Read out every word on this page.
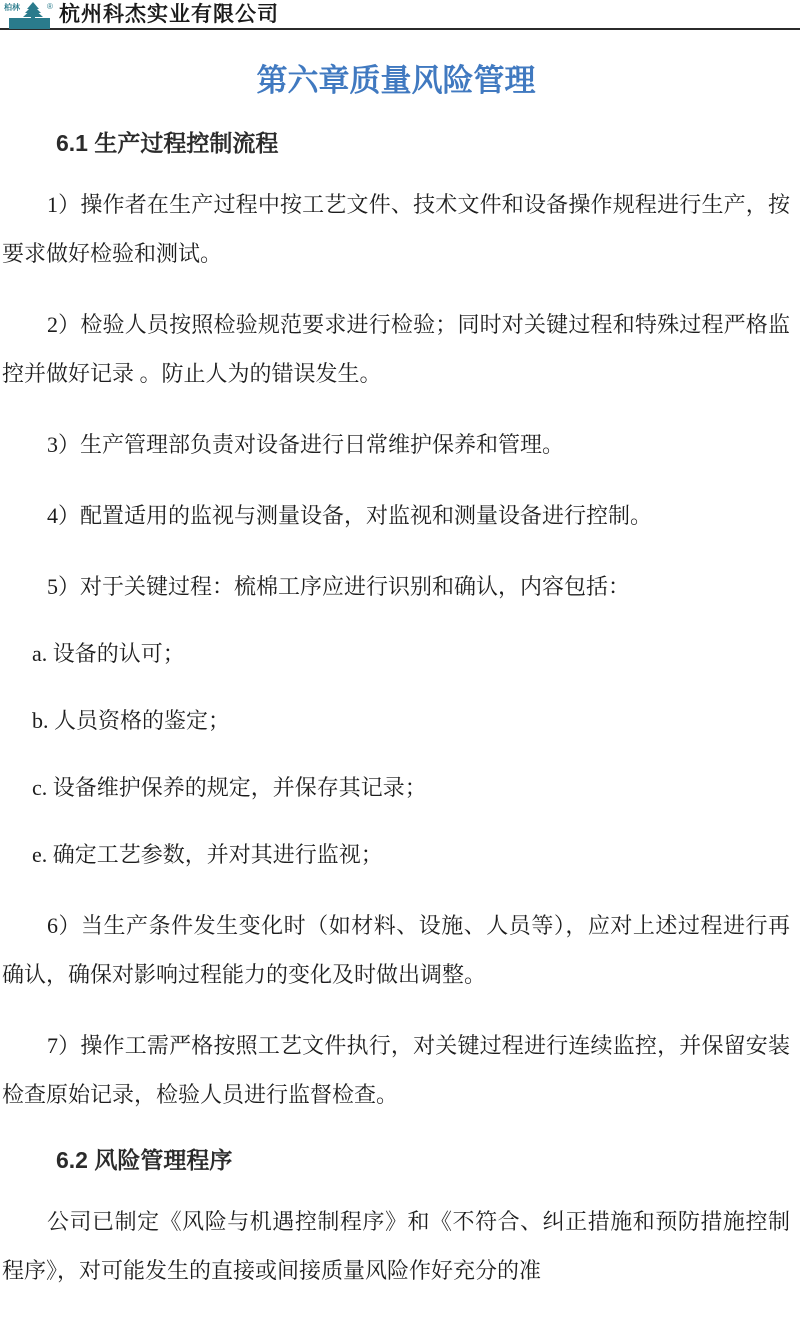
柏林	® 杭州科杰实业有限公司
第六章质量风险管理
6.1 生产过程控制流程

1）操作者在生产过程中按工艺文件、技术文件和设备操作规程进行生产，按要求做好检验和测试。

2）检验人员按照检验规范要求进行检验；同时对关键过程和特殊过程严格监控并做好记录 。防止人为的错误发生。

3）生产管理部负责对设备进行日常维护保养和管理。

4）配置适用的监视与测量设备，对监视和测量设备进行控制。

5）对于关键过程：梳棉工序应进行识别和确认，内容包括：

a. 设备的认可；

b. 人员资格的鉴定；

c. 设备维护保养的规定，并保存其记录；

e. 确定工艺参数，并对其进行监视；

6）当生产条件发生变化时（如材料、设施、人员等），应对上述过程进行再确认，确保对影响过程能力的变化及时做出调整。

7）操作工需严格按照工艺文件执行，对关键过程进行连续监控，并保留安装检查原始记录，检验人员进行监督检查。

6.2 风险管理程序

公司已制定《风险与机遇控制程序》和《不符合、纠正措施和预防措施控制程序》，对可能发生的直接或间接质量风险作好充分的准
